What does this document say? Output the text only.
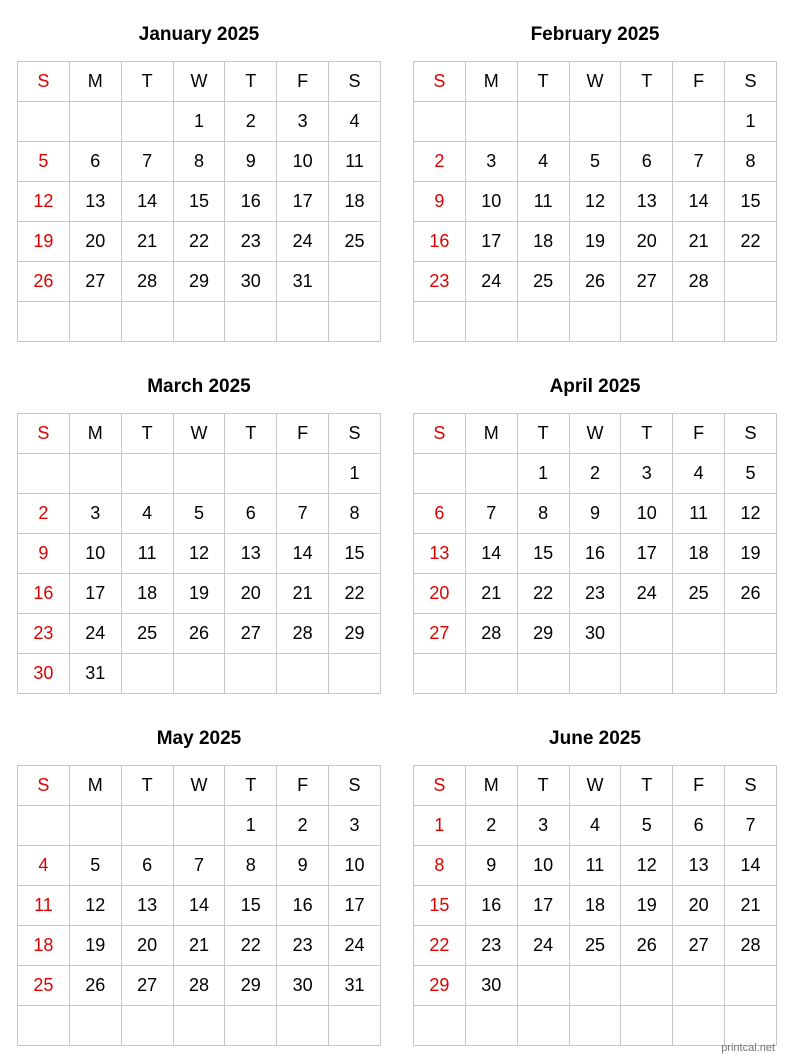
January 2025
S	M	T	W	T	F	S
			1	2	3	4
5	6	7	8	9	10	11
12	13	14	15	16	17	18
19	20	21	22	23	24	25
26	27	28	29	30	31	

February 2025
S	M	T	W	T	F	S
						1
2	3	4	5	6	7	8
9	10	11	12	13	14	15
16	17	18	19	20	21	22
23	24	25	26	27	28	

March 2025
S	M	T	W	T	F	S
						1
2	3	4	5	6	7	8
9	10	11	12	13	14	15
16	17	18	19	20	21	22
23	24	25	26	27	28	29
30	31					
April 2025
S	M	T	W	T	F	S
		1	2	3	4	5
6	7	8	9	10	11	12
13	14	15	16	17	18	19
20	21	22	23	24	25	26
27	28	29	30			

May 2025
S	M	T	W	T	F	S
				1	2	3
4	5	6	7	8	9	10
11	12	13	14	15	16	17
18	19	20	21	22	23	24
25	26	27	28	29	30	31

June 2025
S	M	T	W	T	F	S
1	2	3	4	5	6	7
8	9	10	11	12	13	14
15	16	17	18	19	20	21
22	23	24	25	26	27	28
29	30					

printcal.net
